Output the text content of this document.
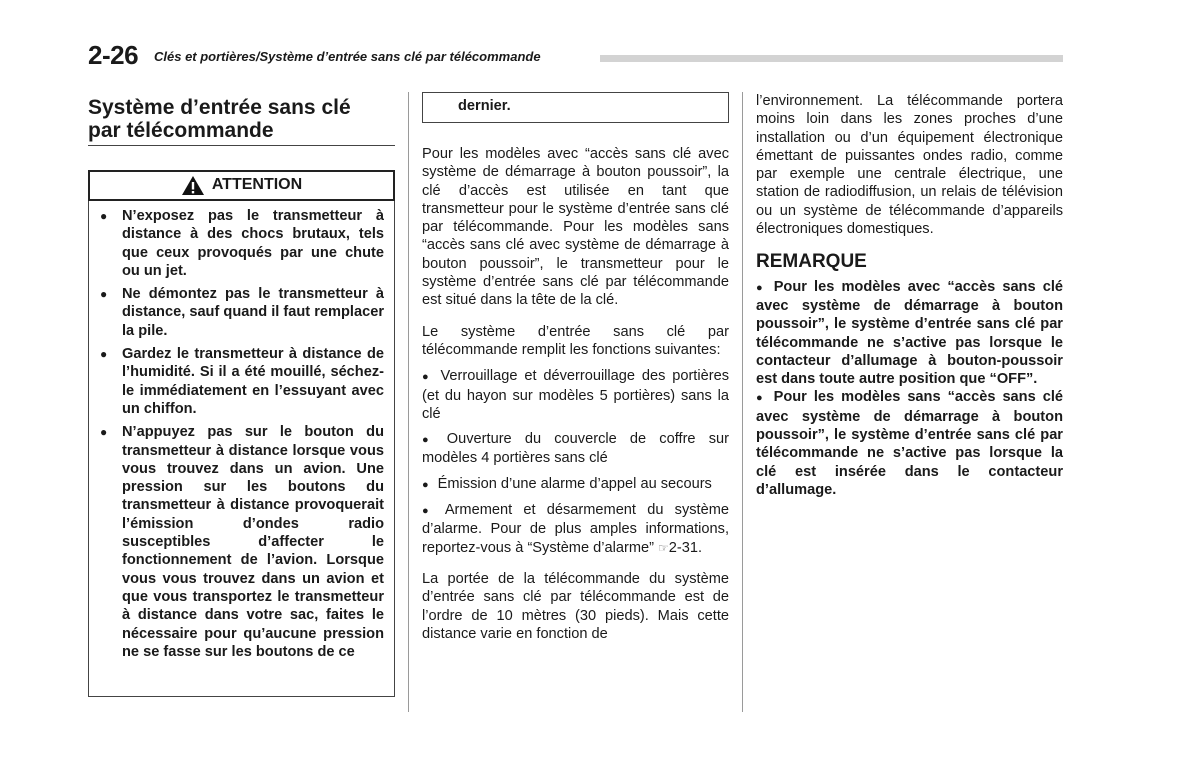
2-26 Clés et portières/Système d’entrée sans clé par télécommande
Système d’entrée sans clé
par télécommande
ATTENTION
● N’exposez pas le transmetteur à distance à des chocs brutaux, tels que ceux provoqués par une chute ou un jet.
● Ne démontez pas le transmetteur à distance, sauf quand il faut remplacer la pile.
● Gardez le transmetteur à distance de l’humidité. Si il a été mouillé, séchez-le immédiatement en l’essuyant avec un chiffon.
● N’appuyez pas sur le bouton du transmetteur à distance lorsque vous vous trouvez dans un avion. Une pression sur les boutons du transmetteur à distance provoquerait l’émission d’ondes radio susceptibles d’affecter le fonctionnement de l’avion. Lorsque vous vous trouvez dans un avion et que vous transportez le transmetteur à distance dans votre sac, faites le nécessaire pour qu’aucune pression ne se fasse sur les boutons de ce
dernier.

Pour les modèles avec “accès sans clé avec système de démarrage à bouton poussoir”, la clé d’accès est utilisée en tant que transmetteur pour le système d’entrée sans clé par télécommande. Pour les modèles sans “accès sans clé avec système de démarrage à bouton poussoir”, le transmetteur pour le système d’entrée sans clé par télécommande est situé dans la tête de la clé.

Le système d’entrée sans clé par télécommande remplit les fonctions suivantes:

● Verrouillage et déverrouillage des portières (et du hayon sur modèles 5 portières) sans la clé
● Ouverture du couvercle de coffre sur modèles 4 portières sans clé
● Émission d’une alarme d’appel au secours
● Armement et désarmement du système d’alarme. Pour de plus amples informations, reportez-vous à “Système d’alarme” ☞2-31.

La portée de la télécommande du système d’entrée sans clé par télécommande est de l’ordre de 10 mètres (30 pieds). Mais cette distance varie en fonction de

l’environnement. La télécommande portera moins loin dans les zones proches d’une installation ou d’un équipement électronique émettant de puissantes ondes radio, comme par exemple une centrale électrique, une station de radiodiffusion, un relais de télévision ou un système de télécommande d’appareils électroniques domestiques.

REMARQUE
● Pour les modèles avec “accès sans clé avec système de démarrage à bouton poussoir”, le système d’entrée sans clé par télécommande ne s’active pas lorsque le contacteur d’allumage à bouton-poussoir est dans toute autre position que “OFF”.
● Pour les modèles sans “accès sans clé avec système de démarrage à bouton poussoir”, le système d’entrée sans clé par télécommande ne s’active pas lorsque la clé est insérée dans le contacteur d’allumage.
